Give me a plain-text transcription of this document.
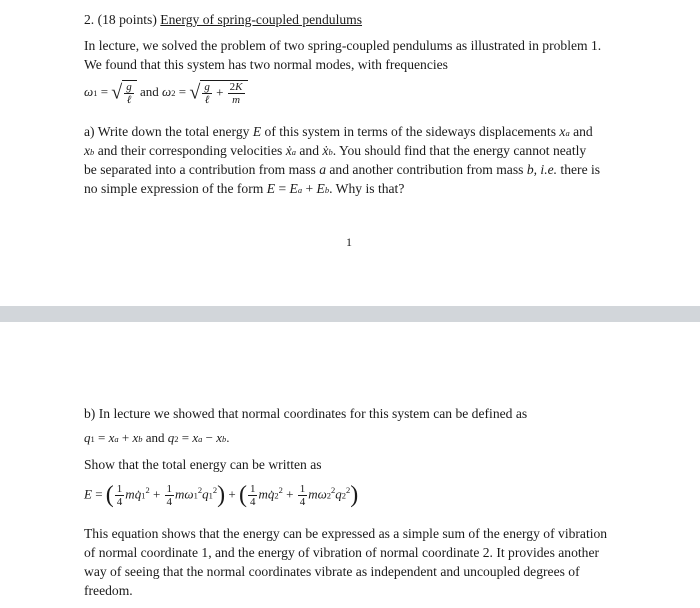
2. (18 points) Energy of spring-coupled pendulums
In lecture, we solved the problem of two spring-coupled pendulums as illustrated in problem 1.
We found that this system has two normal modes, with frequencies
ω1 = √ $\frac{g}{\text{ℓ}}$ and ω2 = √ $\frac{g}{\text{ℓ}} + \frac{2K}{m}$
a) Write down the total energy E of this system in terms of the sideways displacements xa and
xb and their corresponding velocities ẋa and ẋb. You should find that the energy cannot neatly
be separated into a contribution from mass a and another contribution from mass b, i.e. there is
no simple expression of the form E = Ea + Eb. Why is that?
1
b) In lecture we showed that normal coordinates for this system can be defined as
q1 = xa + xb and q2 = xa − xb.
Show that the total energy can be written as
E = ( $\frac{1}{4}$ $mq̇1^2 + \frac{1}{4} m\omega 1^2q1^2$) + ( $\frac{1}{4}$ $mq̇2^2 + \frac{1}{4} m\omega 2^2q2^2$)
This equation shows that the energy can be expressed as a simple sum of the energy of vibration
of normal coordinate 1, and the energy of vibration of normal coordinate 2. It provides another
way of seeing that the normal coordinates vibrate as independent and uncoupled degrees of
freedom.
